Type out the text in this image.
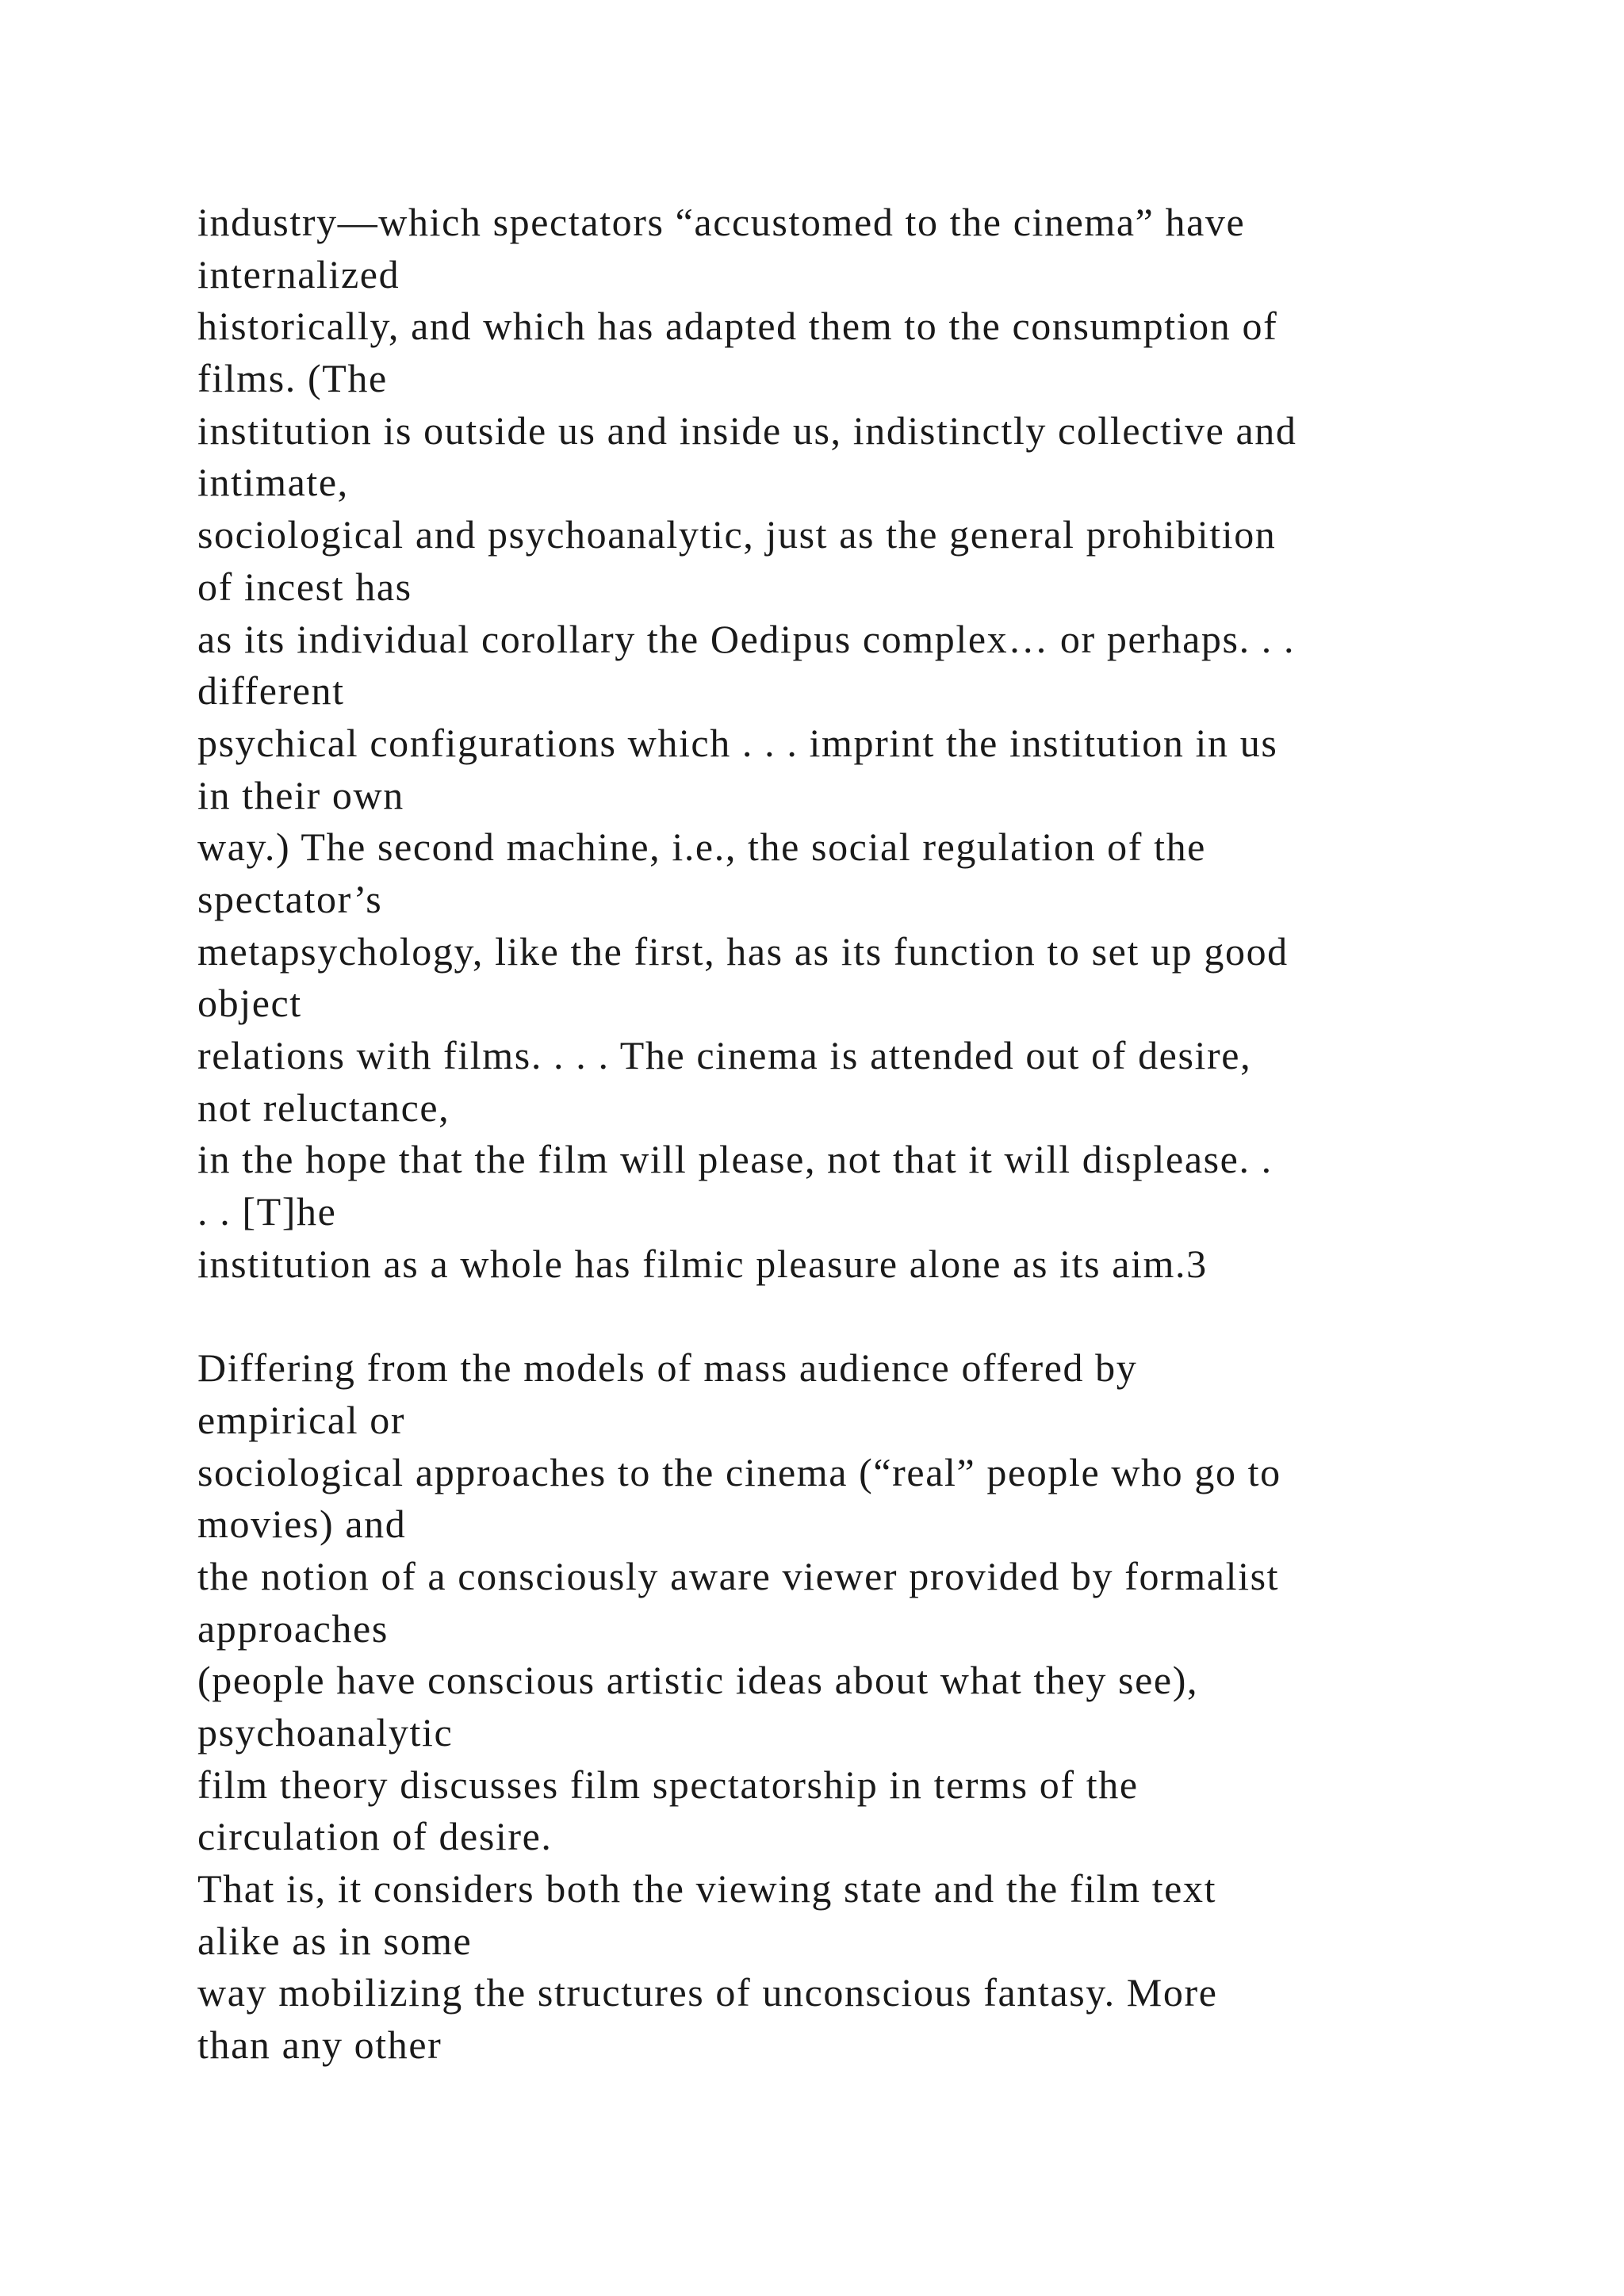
industry—which spectators “accustomed to the cinema” have
internalized
historically, and which has adapted them to the consumption of
films. (The
institution is outside us and inside us, indistinctly collective and
intimate,
sociological and psychoanalytic, just as the general prohibition
of incest has
as its individual corollary the Oedipus complex… or perhaps. . .
different
psychical configurations which . . . imprint the institution in us
in their own
way.) The second machine, i.e., the social regulation of the
spectator’s
metapsychology, like the first, has as its function to set up good
object
relations with films. . . . The cinema is attended out of desire,
not reluctance,
in the hope that the film will please, not that it will displease. .
. . [T]he
institution as a whole has filmic pleasure alone as its aim.3
Differing from the models of mass audience offered by
empirical or
sociological approaches to the cinema (“real” people who go to
movies) and
the notion of a consciously aware viewer provided by formalist
approaches
(people have conscious artistic ideas about what they see),
psychoanalytic
film theory discusses film spectatorship in terms of the
circulation of desire.
That is, it considers both the viewing state and the film text
alike as in some
way mobilizing the structures of unconscious fantasy. More
than any other
